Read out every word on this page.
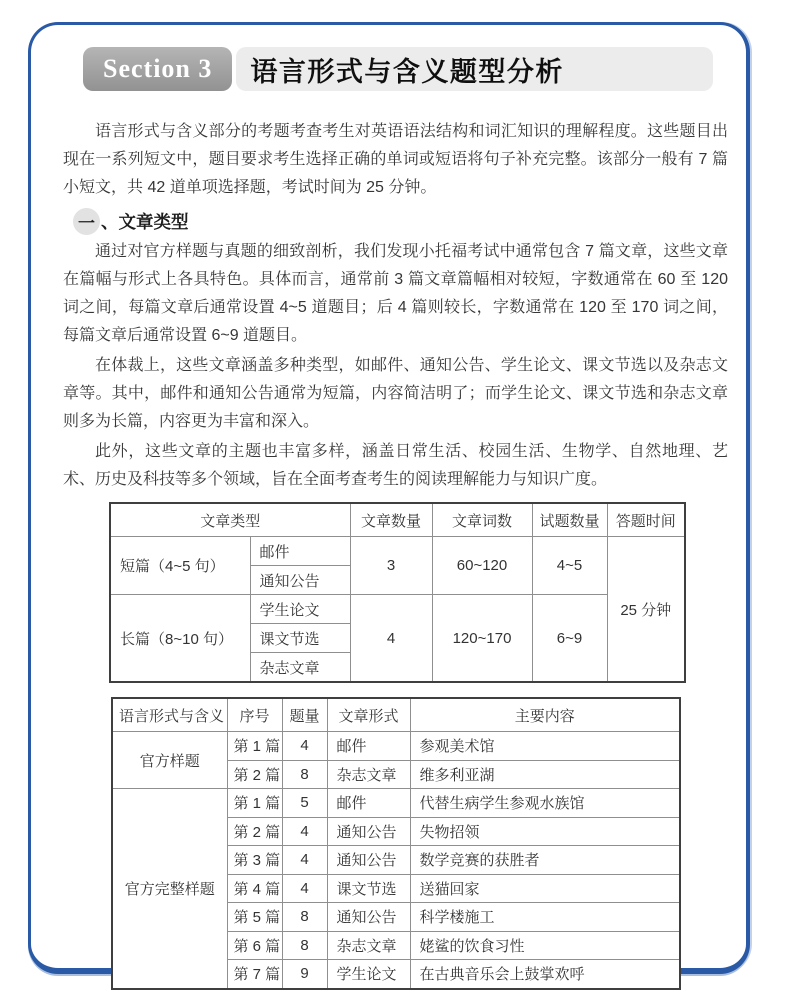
Section 3 语言形式与含义题型分析

语言形式与含义部分的考题考查考生对英语语法结构和词汇知识的理解程度。这些题目出现在一系列短文中，题目要求考生选择正确的单词或短语将句子补充完整。该部分一般有 7 篇小短文，共 42 道单项选择题，考试时间为 25 分钟。

一 、 文章类型

通过对官方样题与真题的细致剖析，我们发现小托福考试中通常包含 7 篇文章，这些文章在篇幅与形式上各具特色。具体而言，通常前 3 篇文章篇幅相对较短，字数通常在 60 至 120 词之间，每篇文章后通常设置 4~5 道题目；后 4 篇则较长，字数通常在 120 至 170 词之间，每篇文章后通常设置 6~9 道题目。

在体裁上，这些文章涵盖多种类型，如邮件、通知公告、学生论文、课文节选以及杂志文章等。其中，邮件和通知公告通常为短篇，内容简洁明了；而学生论文、课文节选和杂志文章则多为长篇，内容更为丰富和深入。

此外，这些文章的主题也丰富多样，涵盖日常生活、校园生活、生物学、自然地理、艺术、历史及科技等多个领域，旨在全面考查考生的阅读理解能力与知识广度。

文章类型		文章数量	文章词数	试题数量	答题时间
短篇（4~5 句）	邮件	3	60~120	4~5	25 分钟
	通知公告				
长篇（8~10 句）	学生论文	4	120~170	6~9	
	课文节选				
	杂志文章				
语言形式与含义	序号	题量	文章形式	主要内容
官方样题	第 1 篇	4	邮件	参观美术馆
	第 2 篇	8	杂志文章	维多利亚湖
官方完整样题	第 1 篇	5	邮件	代替生病学生参观水族馆
	第 2 篇	4	通知公告	失物招领
	第 3 篇	4	通知公告	数学竞赛的获胜者
	第 4 篇	4	课文节选	送猫回家
	第 5 篇	8	通知公告	科学楼施工
	第 6 篇	8	杂志文章	姥鲨的饮食习性
	第 7 篇	9	学生论文	在古典音乐会上鼓掌欢呼
